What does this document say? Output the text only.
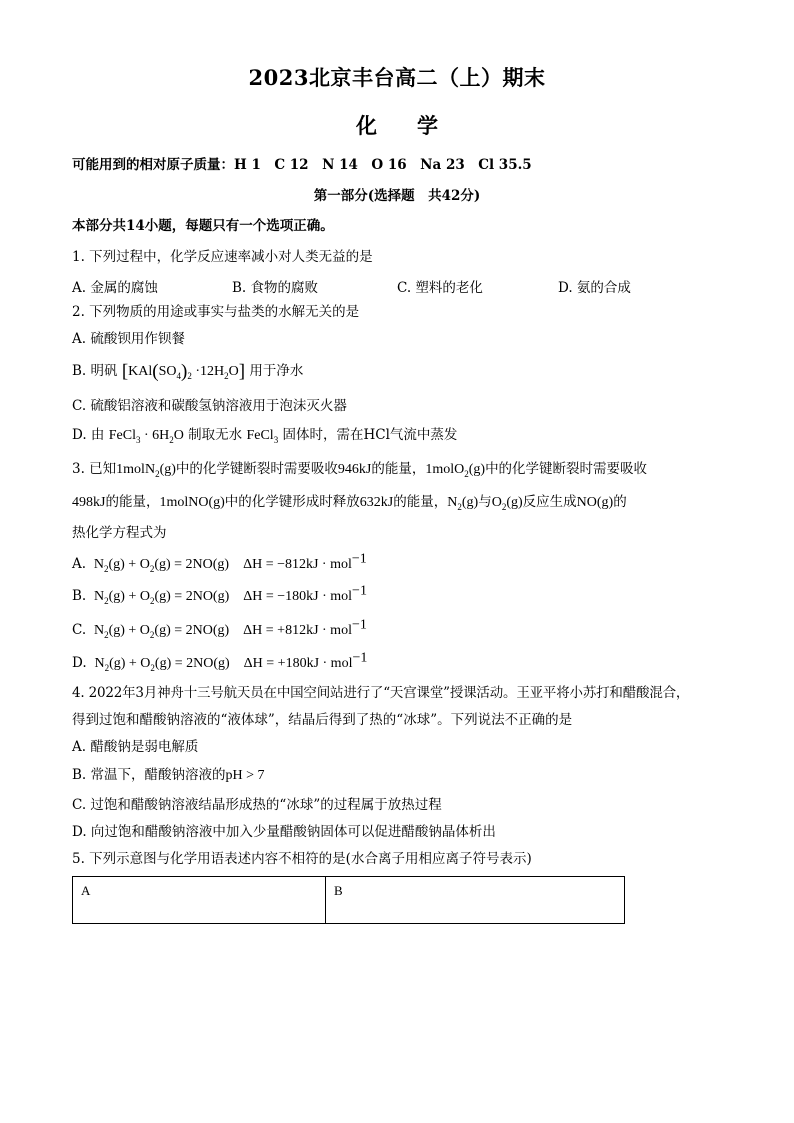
2023北京丰台高二（上）期末
化学
可能用到的相对原子质量：H 1　C 12　N 14　O 16　Na 23　Cl 35.5
第一部分(选择题　共42分)
本部分共14小题，每题只有一个选项正确。
1. 下列过程中，化学反应速率减小对人类无益的是
A. 金属的腐蚀	B. 食物的腐败	C. 塑料的老化	D. 氨的合成
2. 下列物质的用途或事实与盐类的水解无关的是
A. 硫酸钡用作钡餐
B. 明矾 $[KAl(SO_4)_2 \cdot 12H_2O]$ 用于净水
C. 硫酸铝溶液和碳酸氢钠溶液用于泡沫灭火器
D. 由 FeCl$_3$ · $6H_2O$ 制取无水 FeCl$_3$ 固体时，需在HCl气流中蒸发
3. 已知1molN$_2$(g)中的化学键断裂时需要吸收946kJ的能量，1molO$_2$(g)中的化学键断裂时需要吸收
498kJ的能量，1molNO(g)中的化学键形成时释放632kJ的能量，$N_2(g)$与$O_2(g)$反应生成NO(g)的
热化学方程式为
A.  $N_2(g) + O_2(g) = 2NO(g)$    ΔH = −812kJ · mol$^{-1}$
B.  $N_2(g) + O_2(g) = 2NO(g)$    ΔH = −180kJ · mol$^{-1}$
C.  $N_2(g) + O_2(g) = 2NO(g)$    ΔH = +812kJ · mol$^{-1}$
D.  $N_2(g) + O_2(g) = 2NO(g)$    ΔH = +180kJ · mol$^{-1}$
4. 2022年3月神舟十三号航天员在中国空间站进行了“天宫课堂”授课活动。王亚平将小苏打和醋酸混合，
得到过饱和醋酸钠溶液的“液体球”，结晶后得到了热的“冰球”。下列说法不正确的是
A. 醋酸钠是弱电解质
B. 常温下，醋酸钠溶液的pH > 7
C. 过饱和醋酸钠溶液结晶形成热的“冰球”的过程属于放热过程
D. 向过饱和醋酸钠溶液中加入少量醋酸钠固体可以促进醋酸钠晶体析出
5. 下列示意图与化学用语表述内容不相符的是(水合离子用相应离子符号表示)
A	B
